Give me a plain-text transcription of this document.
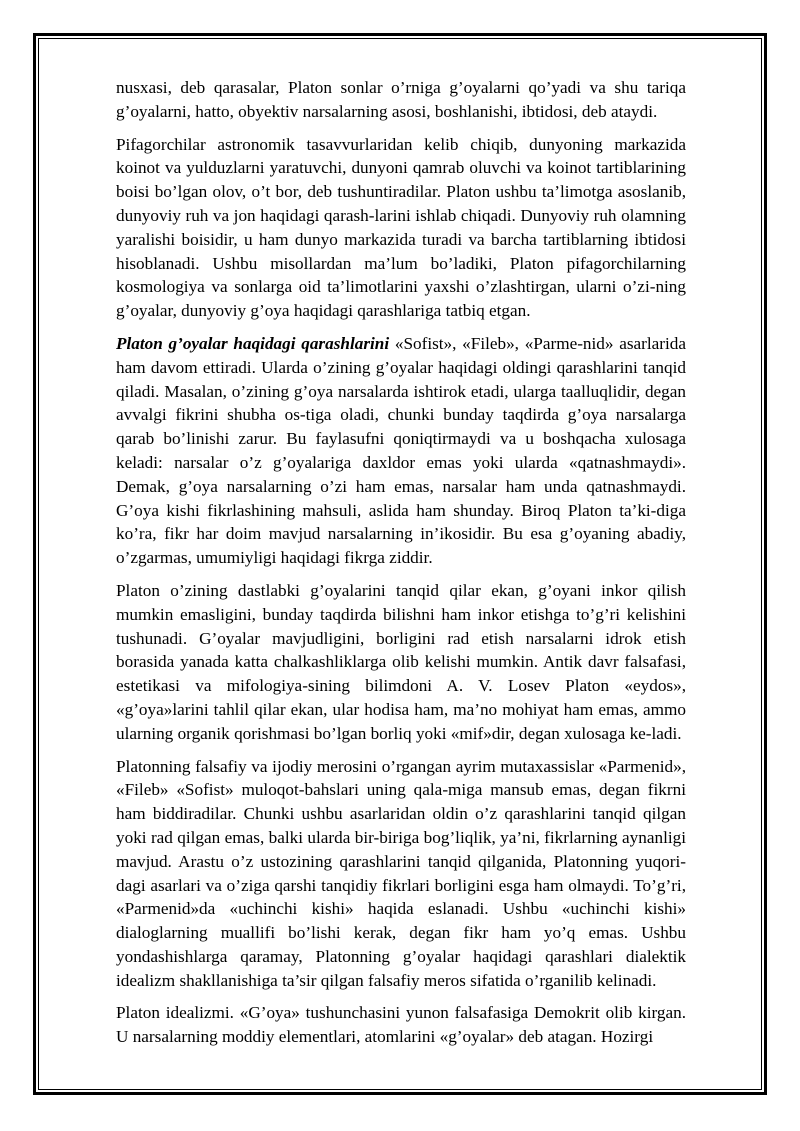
nusxasi, deb qarasalar, Platon sonlar o’rniga g’oyalarni qo’yadi va shu tariqa g’oyalarni, hatto, obyektiv narsalarning asosi, boshlanishi, ibtidosi, deb ataydi.

Pifagorchilar astronomik tasavvurlaridan kelib chiqib, dunyoning markazida koinot va yulduzlarni yaratuvchi, dunyoni qamrab oluvchi va koinot tartiblarining boisi bo’lgan olov, o’t bor, deb tushuntiradilar. Platon ushbu ta’limotga asoslanib, dunyoviy ruh va jon haqidagi qarash-larini ishlab chiqadi. Dunyoviy ruh olamning yaralishi boisidir, u ham dunyo markazida turadi va barcha tartiblarning ibtidosi hisoblanadi. Ushbu misollardan ma’lum bo’ladiki, Platon pifagorchilarning kosmologiya va sonlarga oid ta’limotlarini yaxshi o’zlashtirgan, ularni o’zi-ning g’oyalar, dunyoviy g’oya haqidagi qarashlariga tatbiq etgan.

Platon g’oyalar haqidagi qarashlarini «Sofist», «Fileb», «Parme-nid» asarlarida ham davom ettiradi. Ularda o’zining g’oyalar haqidagi oldingi qarashlarini tanqid qiladi. Masalan, o’zining g’oya narsalarda ishtirok etadi, ularga taalluqlidir, degan avvalgi fikrini shubha os-tiga oladi, chunki bunday taqdirda g’oya narsalarga qarab bo’linishi zarur. Bu faylasufni qoniqtirmaydi va u boshqacha xulosaga keladi: narsalar o’z g’oyalariga daxldor emas yoki ularda «qatnashmaydi». Demak, g’oya narsalarning o’zi ham emas, narsalar ham unda qatnashmaydi. G’oya kishi fikrlashining mahsuli, aslida ham shunday. Biroq Platon ta’ki-diga ko’ra, fikr har doim mavjud narsalarning in’ikosidir. Bu esa g’oyaning abadiy, o’zgarmas, umumiyligi haqidagi fikrga ziddir.

Platon o’zining dastlabki g’oyalarini tanqid qilar ekan, g’oyani inkor qilish mumkin emasligini, bunday taqdirda bilishni ham inkor etishga to’g’ri kelishini tushunadi. G’oyalar mavjudligini, borligini rad etish narsalarni idrok etish borasida yanada katta chalkashliklarga olib kelishi mumkin. Antik davr falsafasi, estetikasi va mifologiya-sining bilimdoni A. V. Losev Platon «eydos», «g’oya»larini tahlil qilar ekan, ular hodisa ham, ma’no mohiyat ham emas, ammo ularning organik qorishmasi bo’lgan borliq yoki «mif»dir, degan xulosaga ke-ladi.

Platonning falsafiy va ijodiy merosini o’rgangan ayrim mutaxassislar «Parmenid», «Fileb» «Sofist» muloqot-bahslari uning qala-miga mansub emas, degan fikrni ham biddiradilar. Chunki ushbu asarlaridan oldin o’z qarashlarini tanqid qilgan yoki rad qilgan emas, balki ularda bir-biriga bog’liqlik, ya’ni, fikrlarning aynanligi mavjud. Arastu o’z ustozining qarashlarini tanqid qilganida, Platonning yuqori-dagi asarlari va o’ziga qarshi tanqidiy fikrlari borligini esga ham olmaydi. To’g’ri, «Parmenid»da «uchinchi kishi» haqida eslanadi. Ushbu «uchinchi kishi» dialoglarning muallifi bo’lishi kerak, degan fikr ham yo’q emas. Ushbu yondashishlarga qaramay, Platonning g’oyalar haqidagi qarashlari dialektik idealizm shakllanishiga ta’sir qilgan falsafiy meros sifatida o’rganilib kelinadi.

Platon idealizmi. «G’oya» tushunchasini yunon falsafasiga Demokrit olib kirgan. U narsalarning moddiy elementlari, atomlarini «g’oyalar» deb atagan. Hozirgi
